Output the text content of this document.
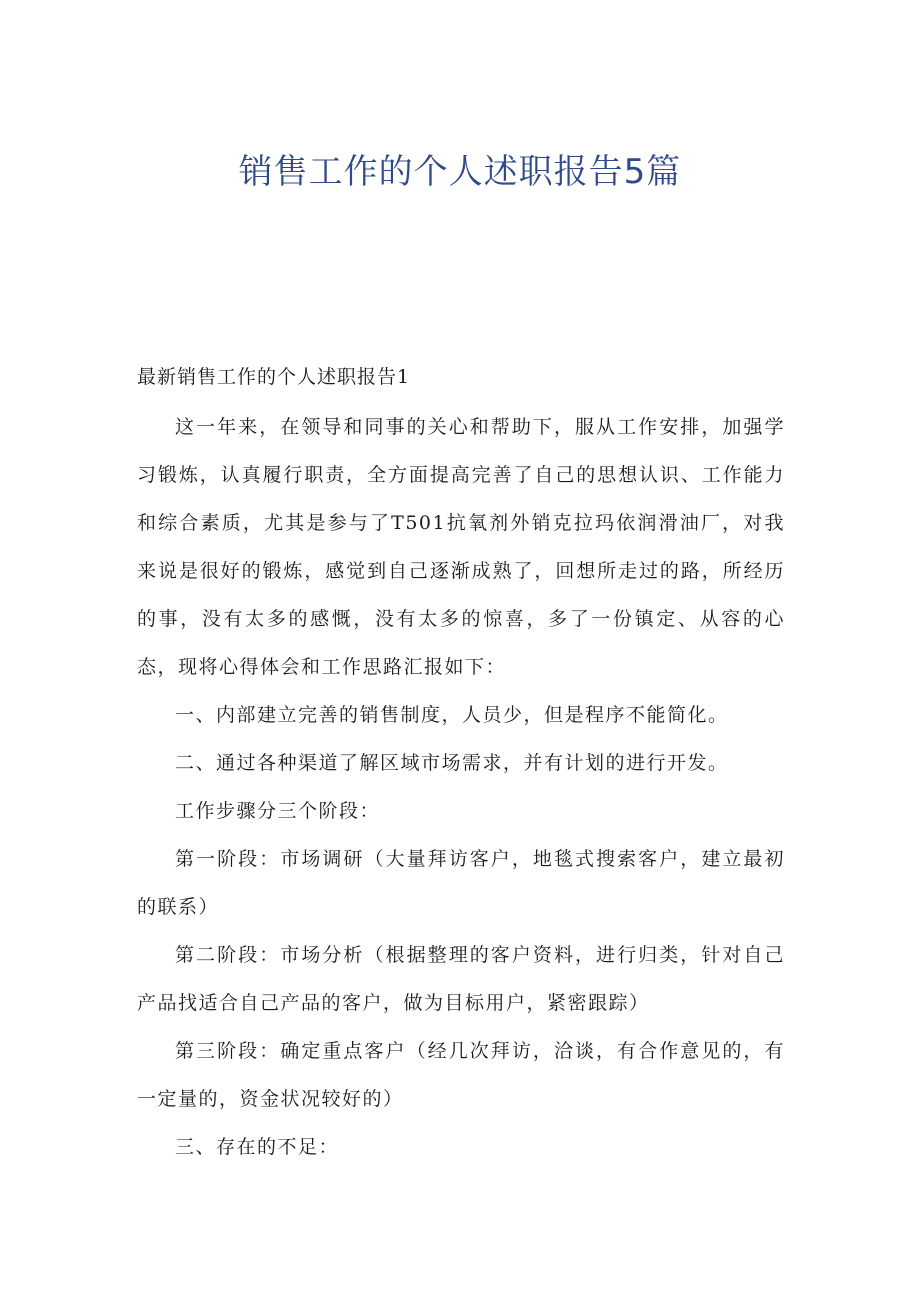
销售工作的个人述职报告5篇

最新销售工作的个人述职报告1

这一年来，在领导和同事的关心和帮助下，服从工作安排，加强学习锻炼，认真履行职责，全方面提高完善了自己的思想认识、工作能力和综合素质，尤其是参与了T501抗氧剂外销克拉玛依润滑油厂，对我来说是很好的锻炼，感觉到自己逐渐成熟了，回想所走过的路，所经历的事，没有太多的感慨，没有太多的惊喜，多了一份镇定、从容的心态，现将心得体会和工作思路汇报如下：

一、内部建立完善的销售制度，人员少，但是程序不能简化。

二、通过各种渠道了解区域市场需求，并有计划的进行开发。

工作步骤分三个阶段：

第一阶段：市场调研（大量拜访客户，地毯式搜索客户，建立最初的联系）

第二阶段：市场分析（根据整理的客户资料，进行归类，针对自己产品找适合自己产品的客户，做为目标用户，紧密跟踪）

第三阶段：确定重点客户（经几次拜访，洽谈，有合作意见的，有一定量的，资金状况较好的）

三、存在的不足：
